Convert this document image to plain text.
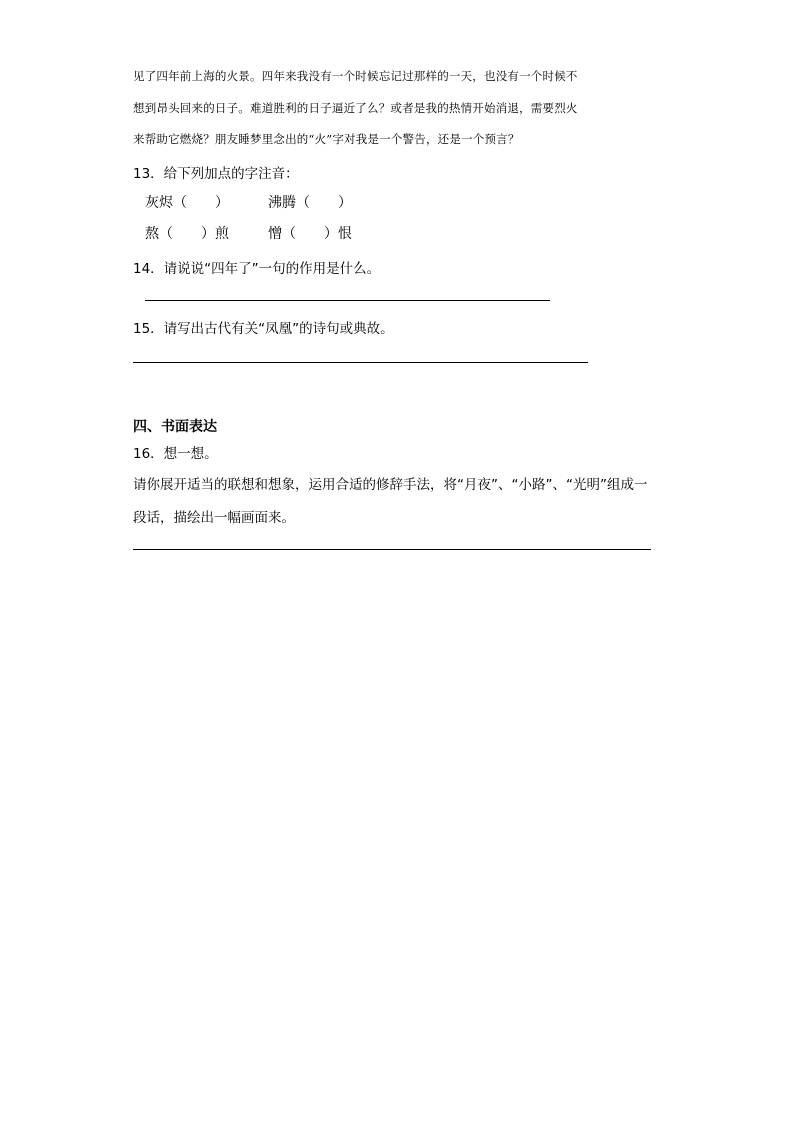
见了四年前上海的火景。四年来我没有一个时候忘记过那样的一天，也没有一个时候不
想到昂头回来的日子。难道胜利的日子逼近了么？或者是我的热情开始消退，需要烈火
来帮助它燃烧？朋友睡梦里念出的“火”字对我是一个警告，还是一个预言？
13．给下列加点的字注音：
灰烬（　　）	沸腾（　　）
熬（　　）煎	憎（　　）恨
14．请说说“四年了”一句的作用是什么。
15．请写出古代有关“凤凰”的诗句或典故。
四、书面表达
16．想一想。
请你展开适当的联想和想象，运用合适的修辞手法，将“月夜”、“小路”、“光明”组成一
段话，描绘出一幅画面来。
